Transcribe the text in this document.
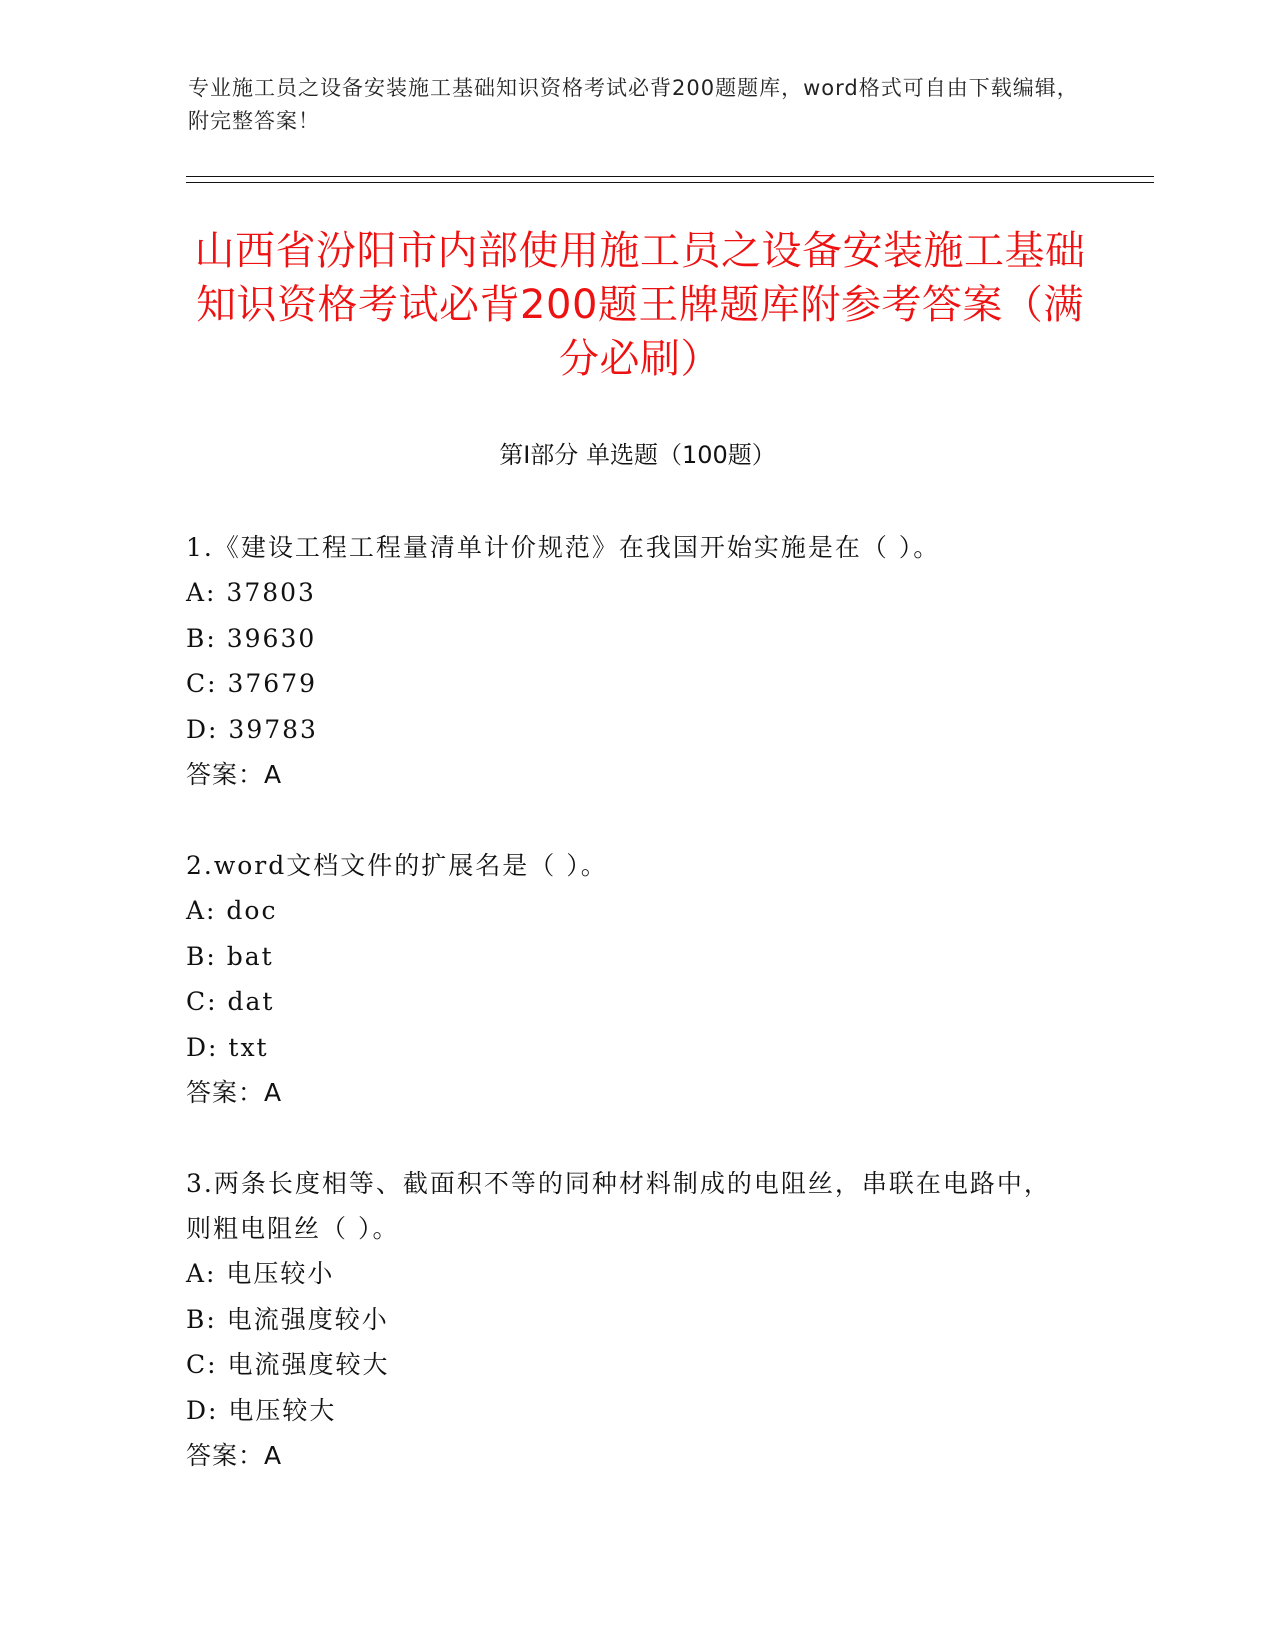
专业施工员之设备安装施工基础知识资格考试必背200题题库，word格式可自由下载编辑，附完整答案！
山西省汾阳市内部使用施工员之设备安装施工基础知识资格考试必背200题王牌题库附参考答案（满分必刷）
第Ⅰ部分 单选题（100题）
1.《建设工程工程量清单计价规范》在我国开始实施是在（ ）。
A: 37803
B: 39630
C: 37679
D: 39783
答案：A
2.word文档文件的扩展名是（ ）。
A: doc
B: bat
C: dat
D: txt
答案：A
3.两条长度相等、截面积不等的同种材料制成的电阻丝，串联在电路中，则粗电阻丝（ ）。
A: 电压较小
B: 电流强度较小
C: 电流强度较大
D: 电压较大
答案：A
